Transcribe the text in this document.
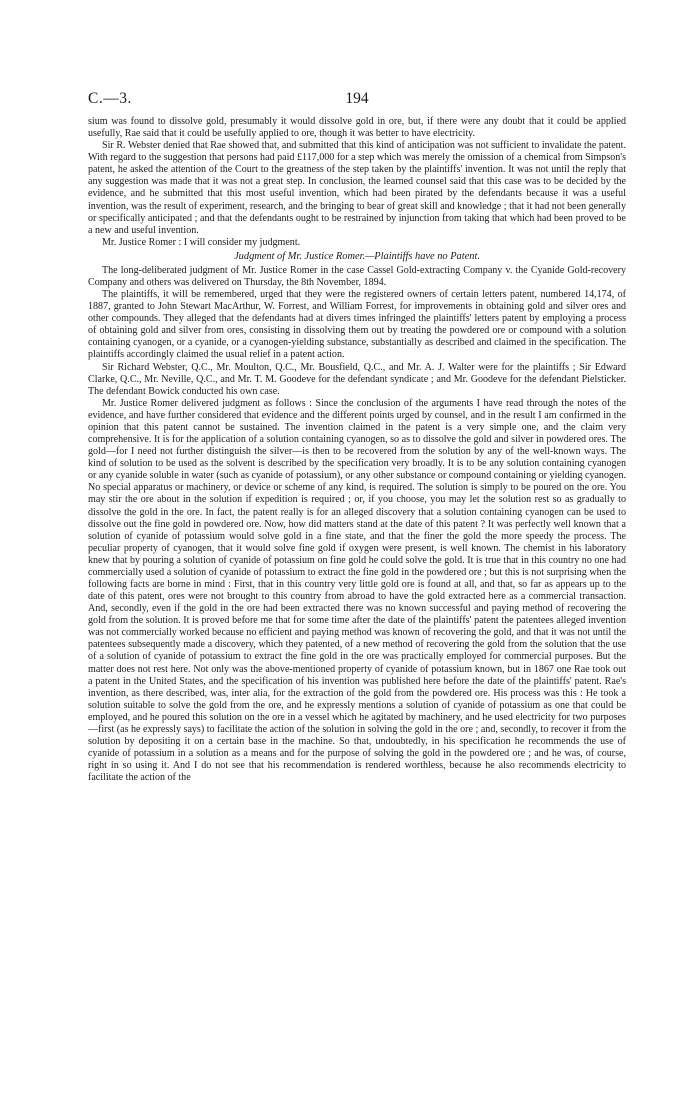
C.—3.	194

sium was found to dissolve gold, presumably it would dissolve gold in ore, but, if there were any doubt that it could be applied usefully, Rae said that it could be usefully applied to ore, though it was better to have electricity.

Sir R. Webster denied that Rae showed that, and submitted that this kind of anticipation was not sufficient to invalidate the patent. With regard to the suggestion that persons had paid £117,000 for a step which was merely the omission of a chemical from Simpson's patent, he asked the attention of the Court to the greatness of the step taken by the plaintiffs' invention. It was not until the reply that any suggestion was made that it was not a great step. In conclusion, the learned counsel said that this case was to be decided by the evidence, and he submitted that this most useful invention, which had been pirated by the defendants because it was a useful invention, was the result of experiment, research, and the bringing to bear of great skill and knowledge ; that it had not been generally or specifically anticipated ; and that the defendants ought to be restrained by injunction from taking that which had been proved to be a new and useful invention.

Mr. Justice Romer : I will consider my judgment.

Judgment of Mr. Justice Romer.—Plaintiffs have no Patent.

The long-deliberated judgment of Mr. Justice Romer in the case Cassel Gold-extracting Company v. the Cyanide Gold-recovery Company and others was delivered on Thursday, the 8th November, 1894.

The plaintiffs, it will be remembered, urged that they were the registered owners of certain letters patent, numbered 14,174, of 1887, granted to John Stewart MacArthur, W. Forrest, and William Forrest, for improvements in obtaining gold and silver ores and other compounds. They alleged that the defendants had at divers times infringed the plaintiffs' letters patent by employing a process of obtaining gold and silver from ores, consisting in dissolving them out by treating the powdered ore or compound with a solution containing cyanogen, or a cyanide, or a cyanogen-yielding substance, substantially as described and claimed in the specification. The plaintiffs accordingly claimed the usual relief in a patent action.

Sir Richard Webster, Q.C., Mr. Moulton, Q.C., Mr. Bousfield, Q.C., and Mr. A. J. Walter were for the plaintiffs ; Sir Edward Clarke, Q.C., Mr. Neville, Q.C., and Mr. T. M. Goodeve for the defendant syndicate ; and Mr. Goodeve for the defendant Pielsticker. The defendant Bowick conducted his own case.

Mr. Justice Romer delivered judgment as follows : Since the conclusion of the arguments I have read through the notes of the evidence, and have further considered that evidence and the different points urged by counsel, and in the result I am confirmed in the opinion that this patent cannot be sustained. The invention claimed in the patent is a very simple one, and the claim very comprehensive. It is for the application of a solution containing cyanogen, so as to dissolve the gold and silver in powdered ores. The gold—for I need not further distinguish the silver—is then to be recovered from the solution by any of the well-known ways. The kind of solution to be used as the solvent is described by the specification very broadly. It is to be any solution containing cyanogen or any cyanide soluble in water (such as cyanide of potassium), or any other substance or compound containing or yielding cyanogen. No special apparatus or machinery, or device or scheme of any kind, is required. The solution is simply to be poured on the ore. You may stir the ore about in the solution if expedition is required ; or, if you choose, you may let the solution rest so as gradually to dissolve the gold in the ore. In fact, the patent really is for an alleged discovery that a solution containing cyanogen can be used to dissolve out the fine gold in powdered ore. Now, how did matters stand at the date of this patent ? It was perfectly well known that a solution of cyanide of potassium would solve gold in a fine state, and that the finer the gold the more speedy the process. The peculiar property of cyanogen, that it would solve fine gold if oxygen were present, is well known. The chemist in his laboratory knew that by pouring a solution of cyanide of potassium on fine gold he could solve the gold. It is true that in this country no one had commercially used a solution of cyanide of potassium to extract the fine gold in the powdered ore ; but this is not surprising when the following facts are borne in mind : First, that in this country very little gold ore is found at all, and that, so far as appears up to the date of this patent, ores were not brought to this country from abroad to have the gold extracted here as a commercial transaction. And, secondly, even if the gold in the ore had been extracted there was no known successful and paying method of recovering the gold from the solution. It is proved before me that for some time after the date of the plaintiffs' patent the patentees alleged invention was not commercially worked because no efficient and paying method was known of recovering the gold, and that it was not until the patentees subsequently made a discovery, which they patented, of a new method of recovering the gold from the solution that the use of a solution of cyanide of potassium to extract the fine gold in the ore was practically employed for commercial purposes. But the matter does not rest here. Not only was the above-mentioned property of cyanide of potassium known, but in 1867 one Rae took out a patent in the United States, and the specification of his invention was published here before the date of the plaintiffs' patent. Rae's invention, as there described, was, inter alia, for the extraction of the gold from the powdered ore. His process was this : He took a solution suitable to solve the gold from the ore, and he expressly mentions a solution of cyanide of potassium as one that could be employed, and he poured this solution on the ore in a vessel which he agitated by machinery, and he used electricity for two purposes—first (as he expressly says) to facilitate the action of the solution in solving the gold in the ore ; and, secondly, to recover it from the solution by depositing it on a certain base in the machine. So that, undoubtedly, in his specification he recommends the use of cyanide of potassium in a solution as a means and for the purpose of solving the gold in the powdered ore ; and he was, of course, right in so using it. And I do not see that his recommendation is rendered worthless, because he also recommends electricity to facilitate the action of the
